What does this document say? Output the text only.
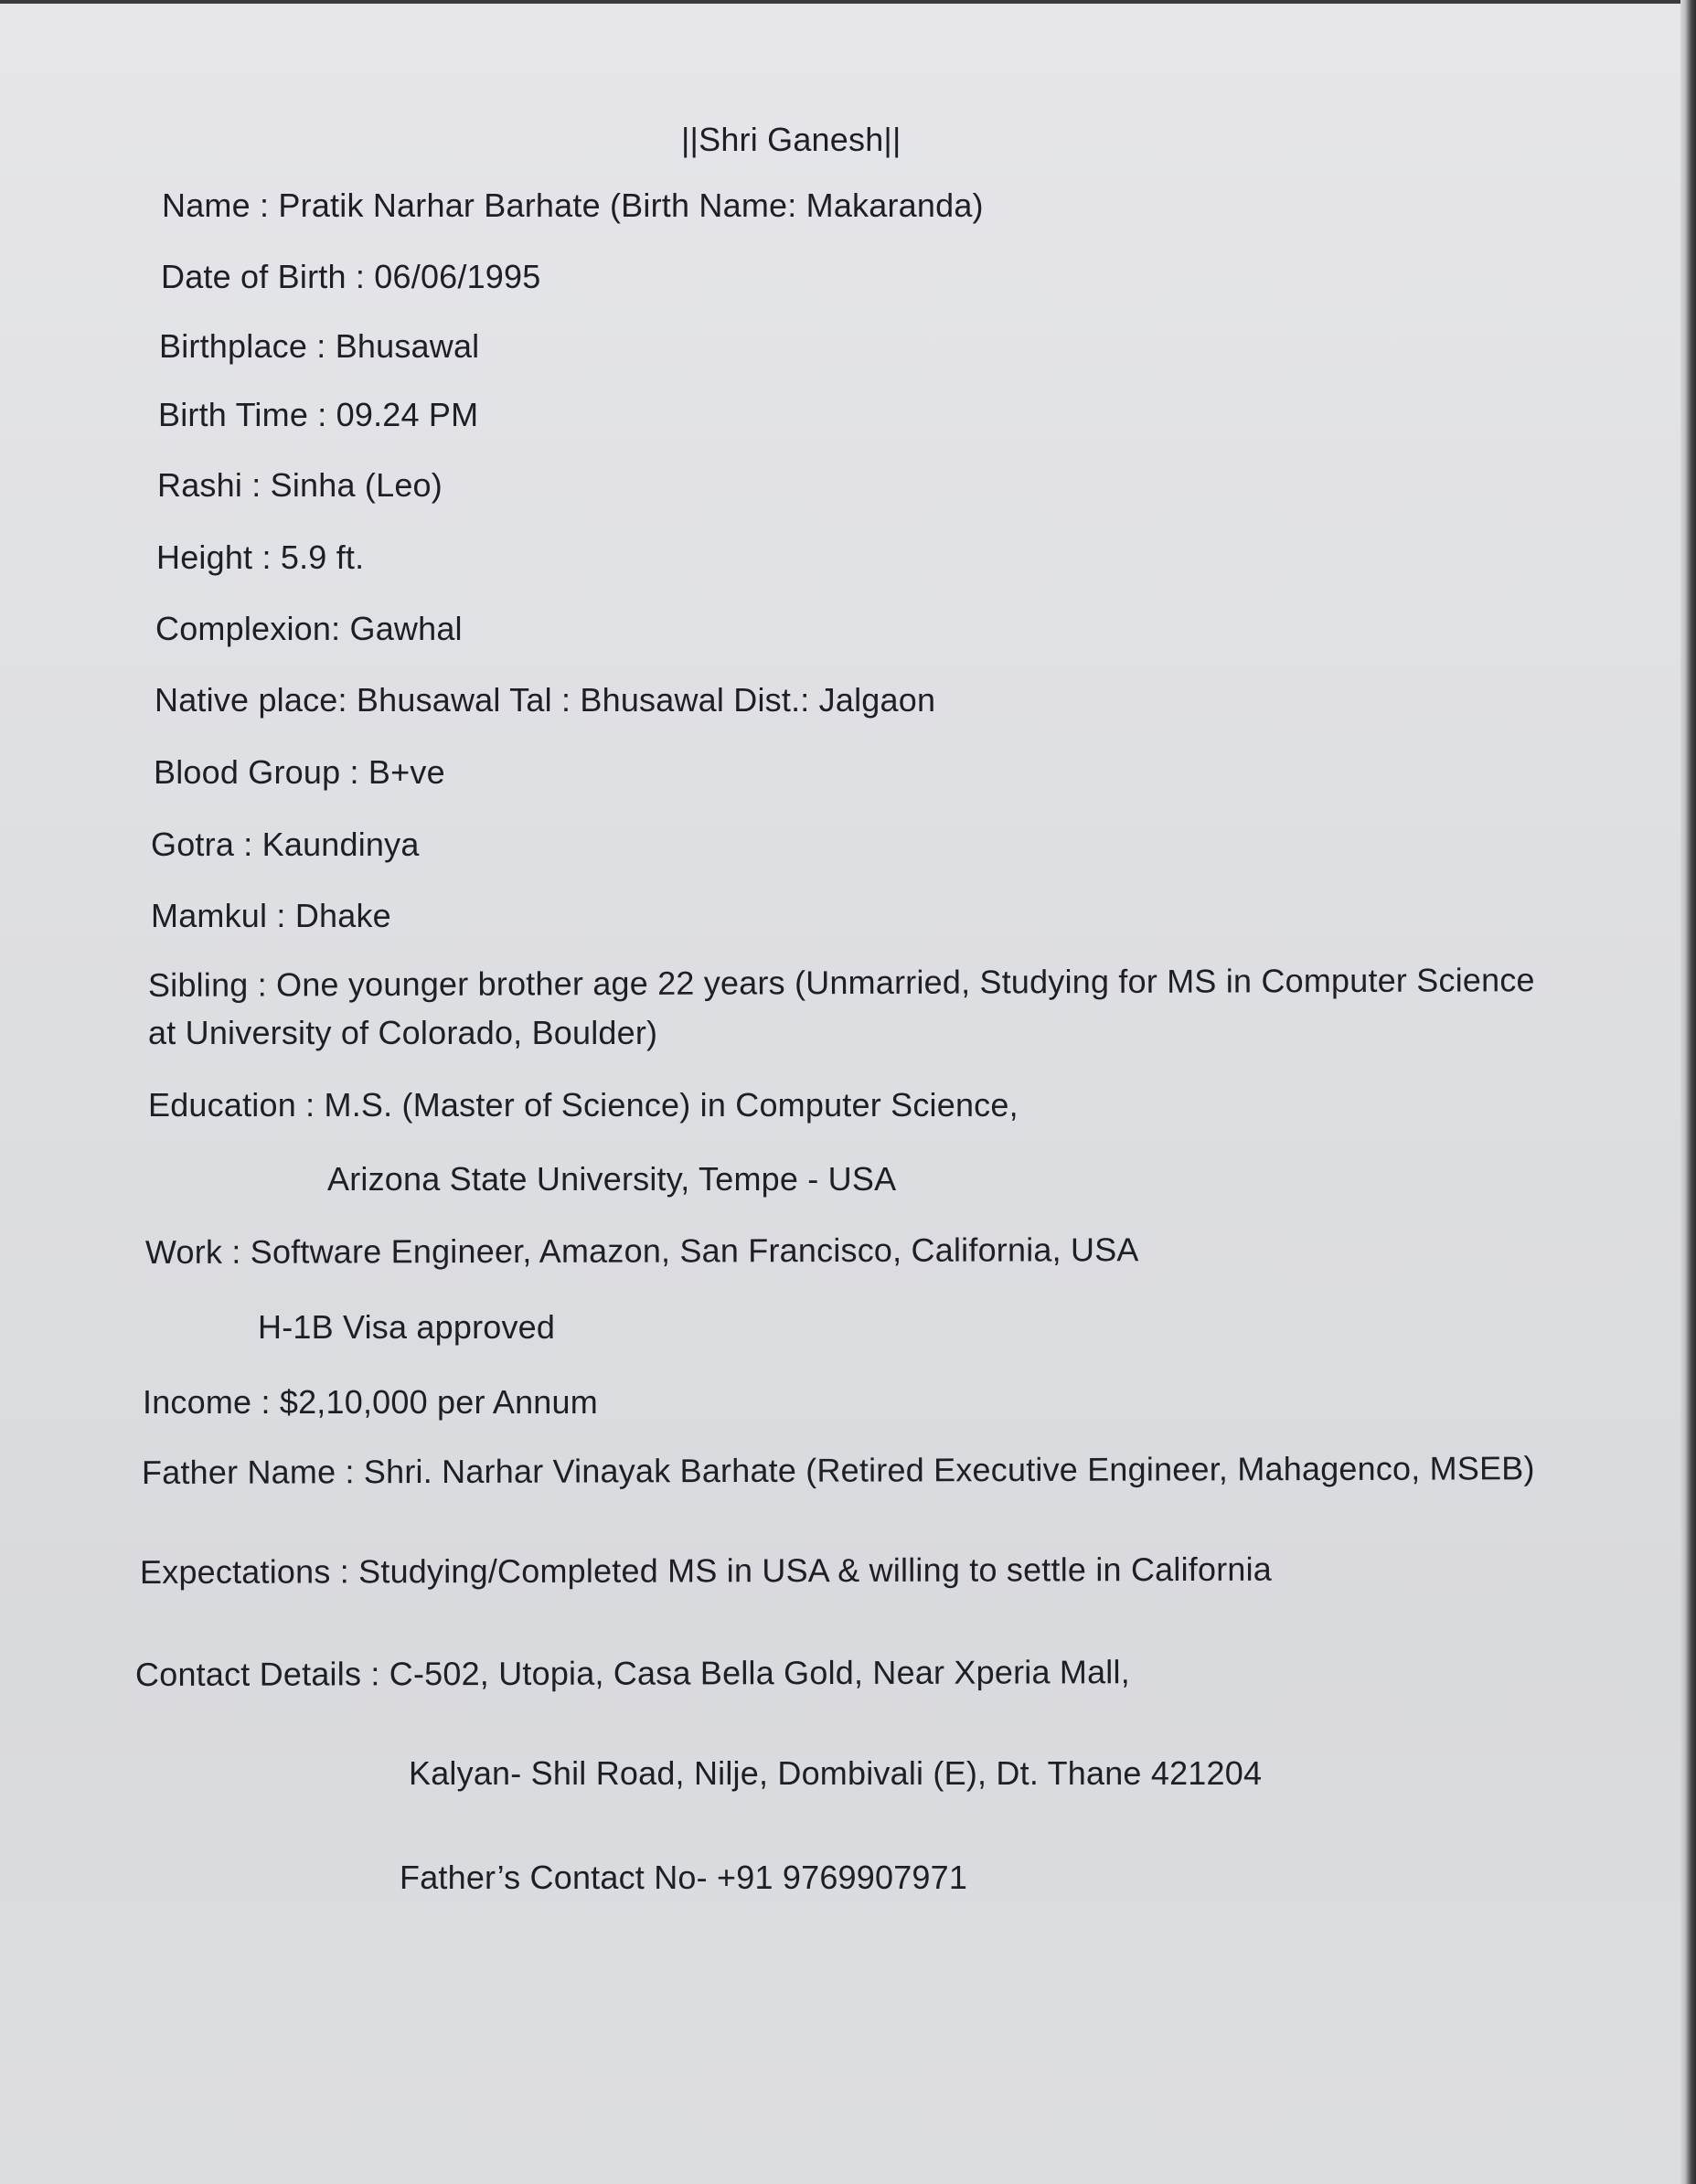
||Shri Ganesh||
Name : Pratik Narhar Barhate (Birth Name: Makaranda)
Date of Birth : 06/06/1995
Birthplace : Bhusawal
Birth Time : 09.24 PM
Rashi : Sinha (Leo)
Height : 5.9 ft.
Complexion: Gawhal
Native place: Bhusawal Tal : Bhusawal Dist.: Jalgaon
Blood Group : B+ve
Gotra : Kaundinya
Mamkul : Dhake
Sibling : One younger brother age 22 years (Unmarried, Studying for MS in Computer Science
at University of Colorado, Boulder)
Education : M.S. (Master of Science) in Computer Science,
Arizona State University, Tempe - USA
Work : Software Engineer, Amazon, San Francisco, California, USA
H-1B Visa approved
Income : $2,10,000 per Annum
Father Name : Shri. Narhar Vinayak Barhate (Retired Executive Engineer, Mahagenco, MSEB)
Expectations : Studying/Completed MS in USA & willing to settle in California
Contact Details : C-502, Utopia, Casa Bella Gold, Near Xperia Mall,
Kalyan- Shil Road, Nilje, Dombivali (E), Dt. Thane 421204
Father’s Contact No- +91 9769907971
